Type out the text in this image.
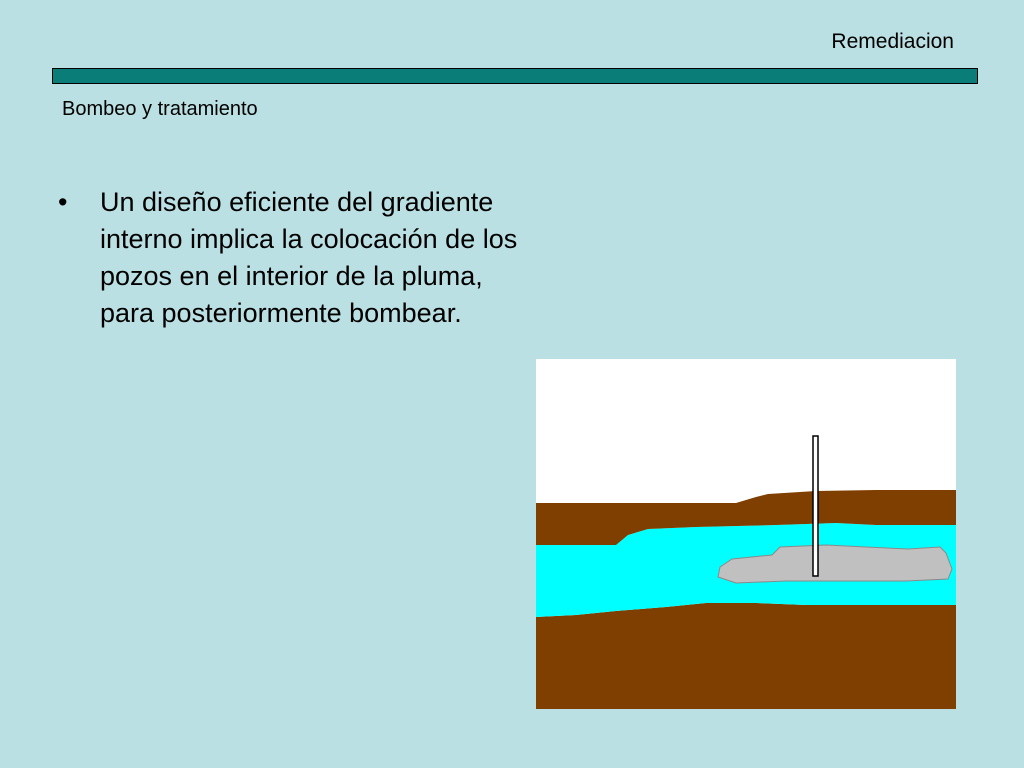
Remediacion
Bombeo y tratamiento
•	Un diseño eficiente del gradiente interno implica la colocación de los pozos en el interior de la pluma, para posteriormente bombear.
